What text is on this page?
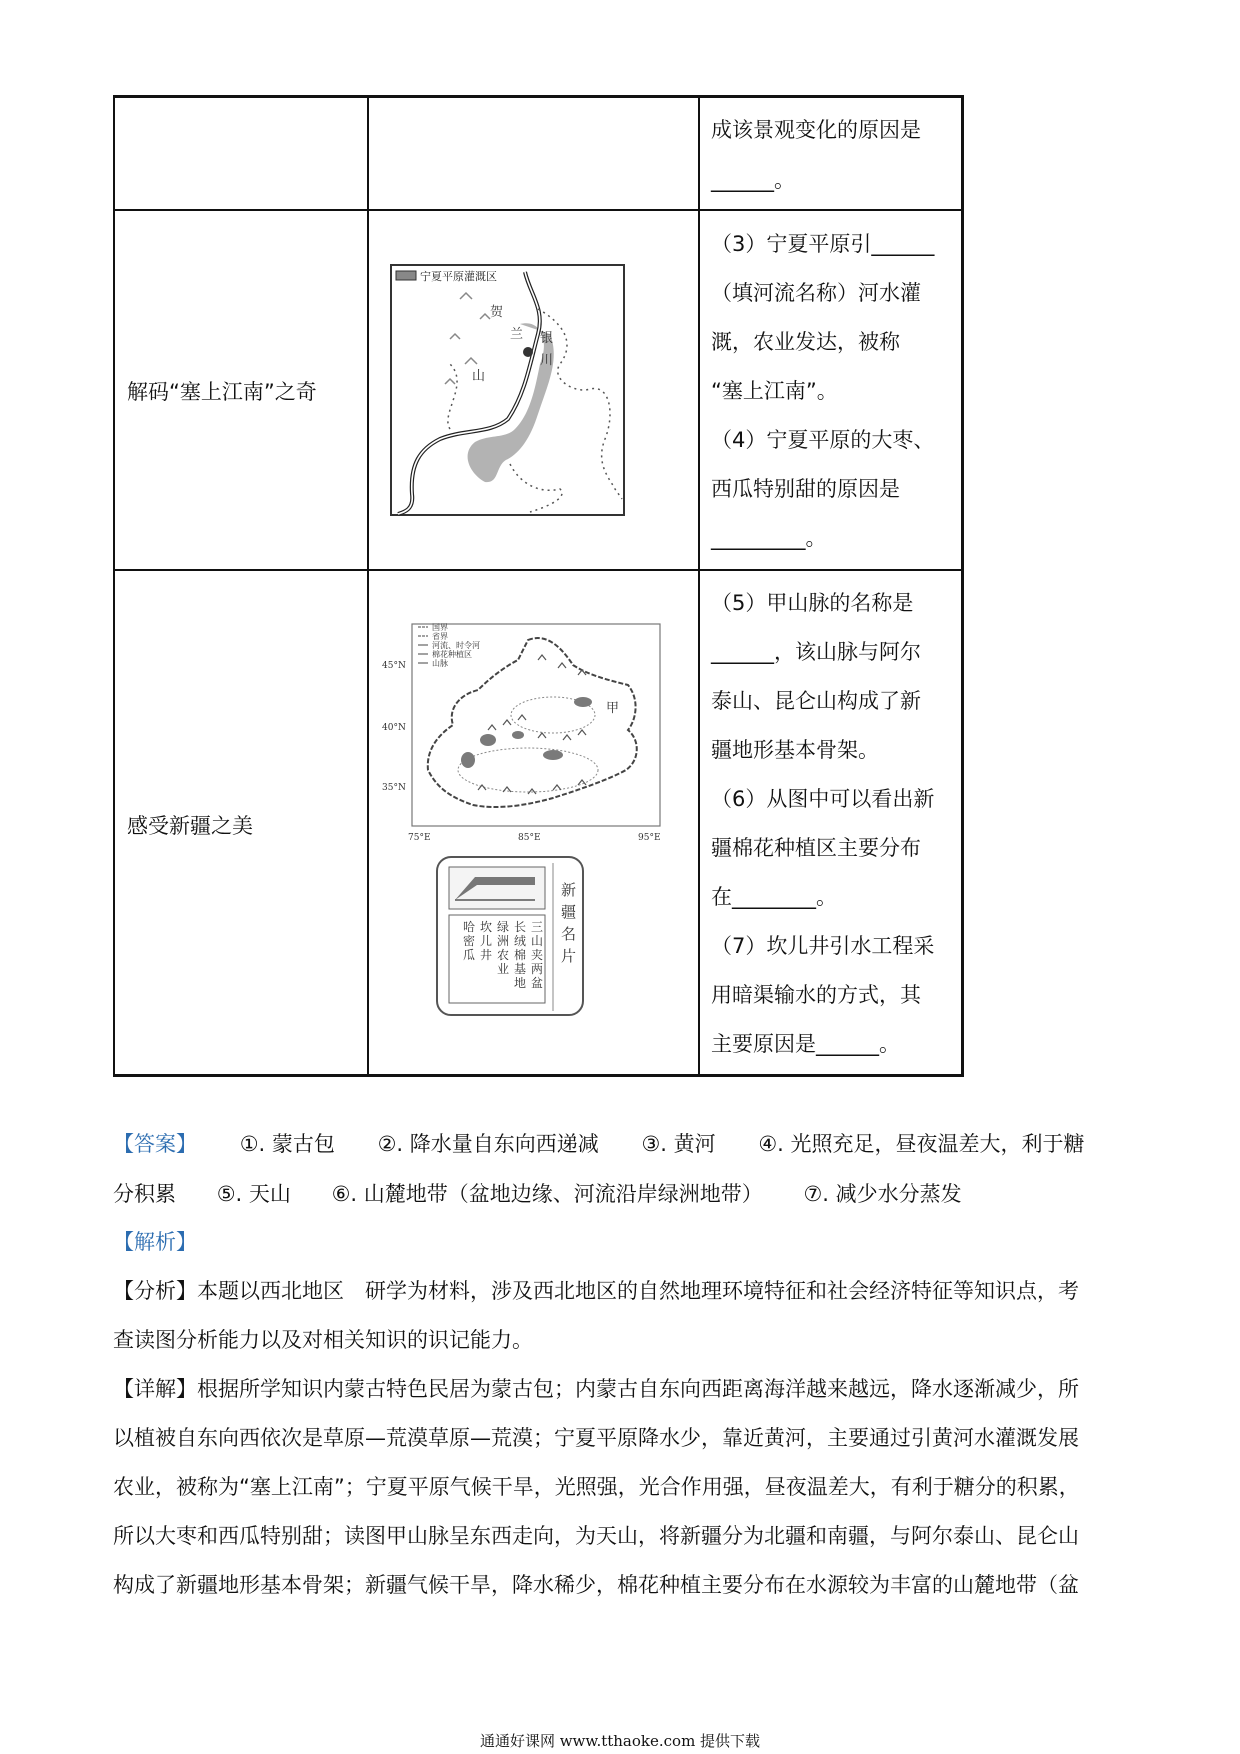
成该景观变化的原因是
______。
解码“塞上江南”之奇
（3）宁夏平原引______
（填河流名称）河水灌
溉，农业发达，被称
“塞上江南”。
（4）宁夏平原的大枣、
西瓜特别甜的原因是
_________。
宁夏平原灌溉区
贺
兰
山
银
川
感受新疆之美
（5）甲山脉的名称是
______，该山脉与阿尔
泰山、昆仑山构成了新
疆地形基本骨架。
（6）从图中可以看出新
疆棉花种植区主要分布
在________。
（7）坎儿井引水工程采
用暗渠输水的方式，其
主要原因是______。
国界
省界
河流、时令河
棉花种植区
山脉
甲
45°N
40°N
35°N
75°E	85°E	95°E
三
山
夹
两
盆
长
绒
棉
基
地
绿
洲
农
业
坎
儿
井
哈
密
瓜
新
疆
名
片
【答案】 ①. 蒙古包 ②. 降水量自东向西递减 ③. 黄河 ④. 光照充足，昼夜温差大，利于糖
分积累 ⑤. 天山 ⑥. 山麓地带（盆地边缘、河流沿岸绿洲地带） ⑦. 减少水分蒸发
【解析】
【分析】本题以西北地区　研学为材料，涉及西北地区的自然地理环境特征和社会经济特征等知识点，考
查读图分析能力以及对相关知识的识记能力。
【详解】根据所学知识内蒙古特色民居为蒙古包；内蒙古自东向西距离海洋越来越远，降水逐渐减少，所
以植被自东向西依次是草原—荒漠草原—荒漠；宁夏平原降水少，靠近黄河，主要通过引黄河水灌溉发展
农业，被称为“塞上江南”；宁夏平原气候干旱，光照强，光合作用强，昼夜温差大，有利于糖分的积累，
所以大枣和西瓜特别甜；读图甲山脉呈东西走向，为天山，将新疆分为北疆和南疆，与阿尔泰山、昆仑山
构成了新疆地形基本骨架；新疆气候干旱，降水稀少，棉花种植主要分布在水源较为丰富的山麓地带（盆
通通好课网 www.tthaoke.com 提供下载
